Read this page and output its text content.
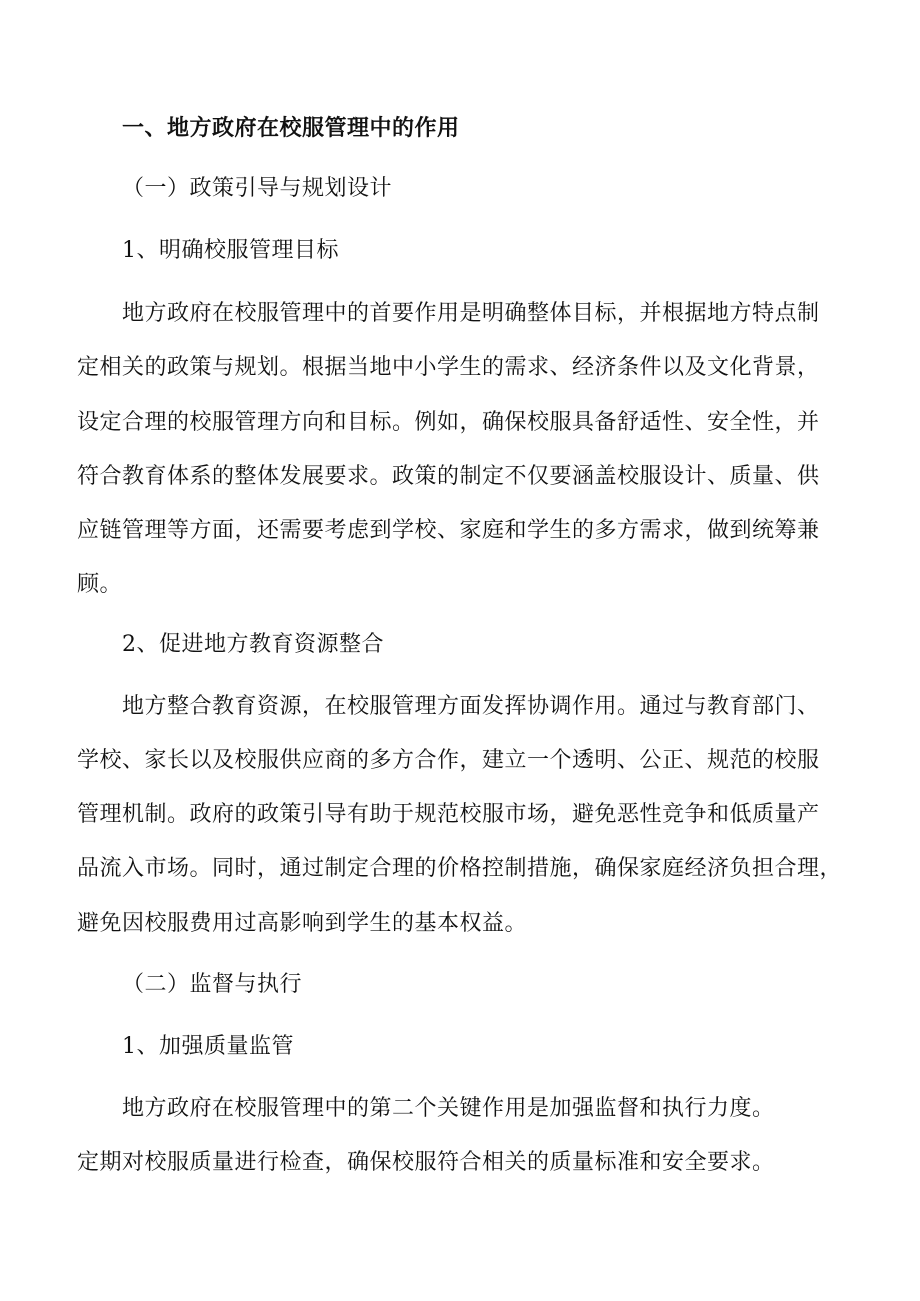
一、地方政府在校服管理中的作用
（一）政策引导与规划设计
1、明确校服管理目标
地方政府在校服管理中的首要作用是明确整体目标，并根据地方特点制
定相关的政策与规划。根据当地中小学生的需求、经济条件以及文化背景，
设定合理的校服管理方向和目标。例如，确保校服具备舒适性、安全性，并
符合教育体系的整体发展要求。政策的制定不仅要涵盖校服设计、质量、供
应链管理等方面，还需要考虑到学校、家庭和学生的多方需求，做到统筹兼
顾。
2、促进地方教育资源整合
地方整合教育资源，在校服管理方面发挥协调作用。通过与教育部门、
学校、家长以及校服供应商的多方合作，建立一个透明、公正、规范的校服
管理机制。政府的政策引导有助于规范校服市场，避免恶性竞争和低质量产
品流入市场。同时，通过制定合理的价格控制措施，确保家庭经济负担合理，
避免因校服费用过高影响到学生的基本权益。
（二）监督与执行
1、加强质量监管
地方政府在校服管理中的第二个关键作用是加强监督和执行力度。
定期对校服质量进行检查，确保校服符合相关的质量标准和安全要求。
